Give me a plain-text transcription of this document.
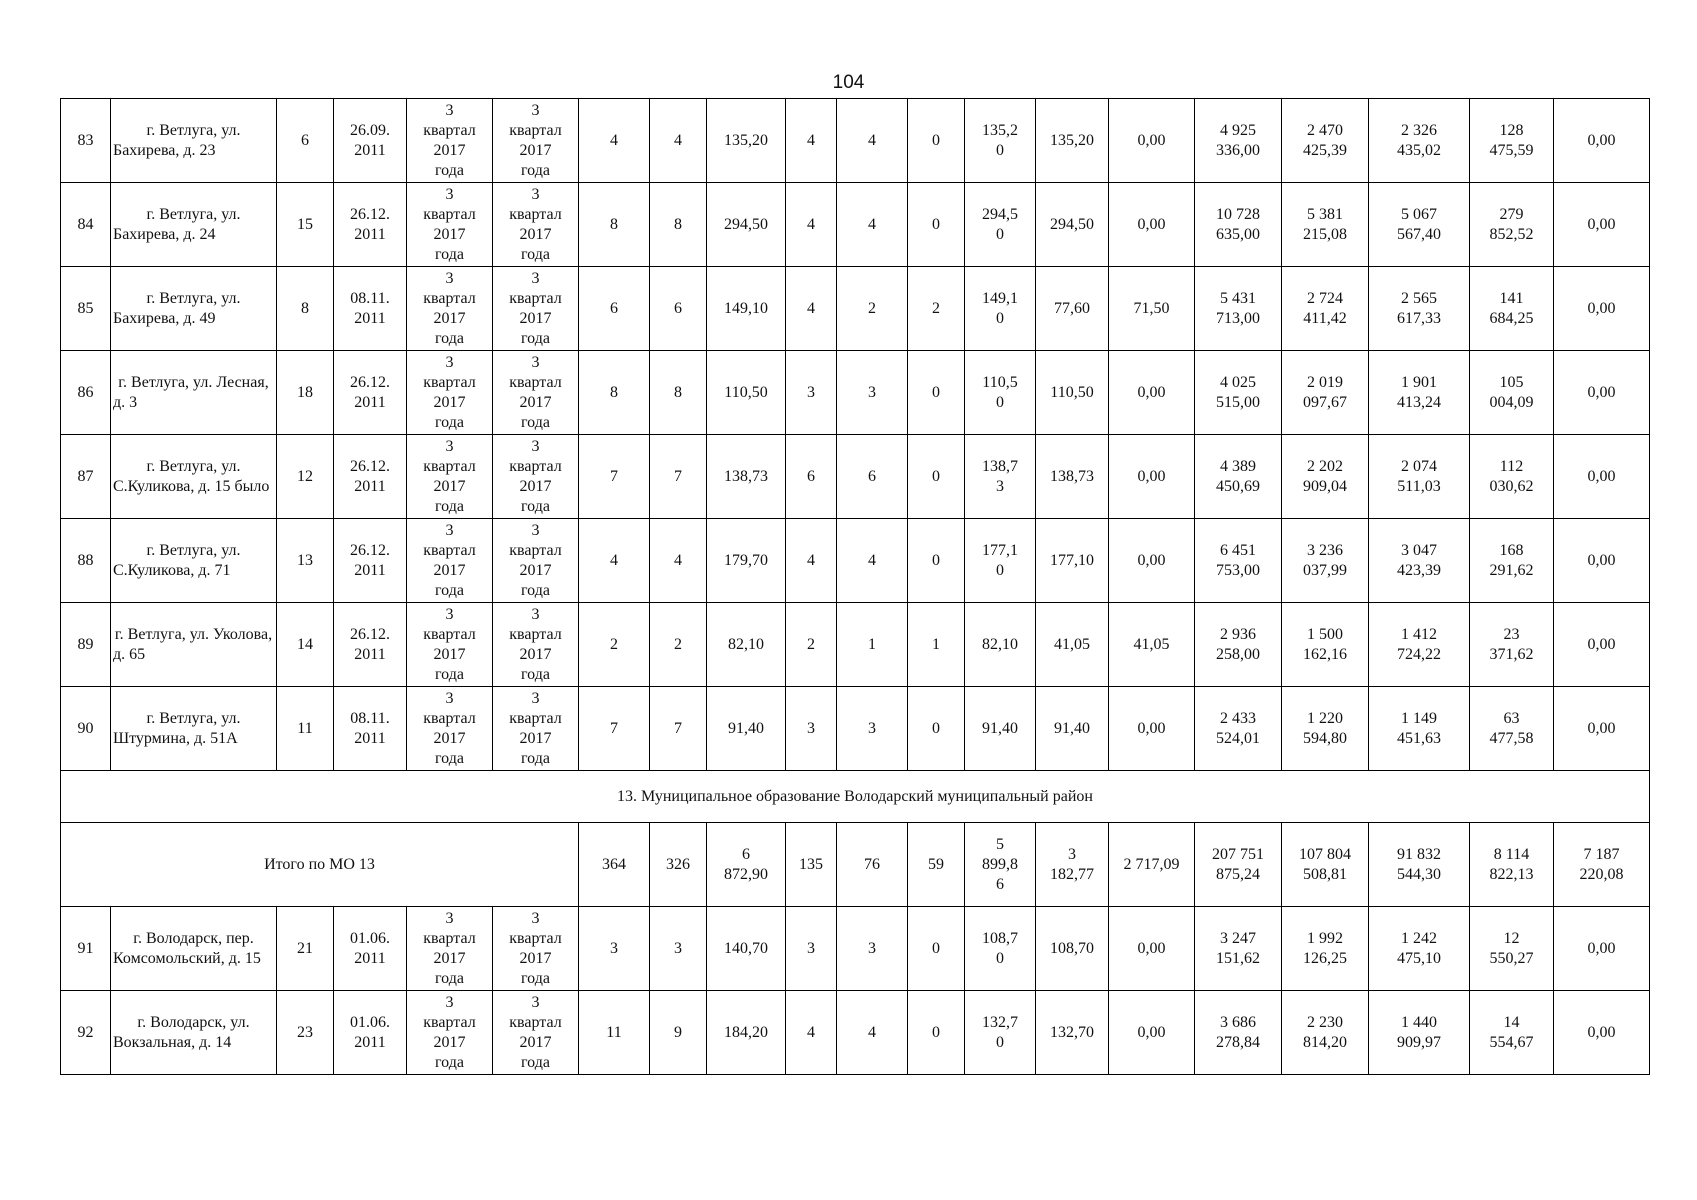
104
83	г. Ветлуга, ул. Бахирева, д. 23	6	26.09.
2011	3
квартал
2017
года	3
квартал
2017
года	4	4	135,20	4	4	0	135,2
0	135,20	0,00	4 925
336,00	2 470
425,39	2 326
435,02	128
475,59	0,00

84	г. Ветлуга, ул. Бахирева, д. 24	15	26.12.
2011	3
квартал
2017
года	3
квартал
2017
года	8	8	294,50	4	4	0	294,5
0	294,50	0,00	10 728
635,00	5 381
215,08	5 067
567,40	279
852,52	0,00

85	г. Ветлуга, ул. Бахирева, д. 49	8	08.11.
2011	3
квартал
2017
года	3
квартал
2017
года	6	6	149,10	4	2	2	149,1
0	77,60	71,50	5 431
713,00	2 724
411,42	2 565
617,33	141
684,25	0,00

86	г. Ветлуга, ул. Лесная, д. 3	18	26.12.
2011	3
квартал
2017
года	3
квартал
2017
года	8	8	110,50	3	3	0	110,5
0	110,50	0,00	4 025
515,00	2 019
097,67	1 901
413,24	105
004,09	0,00

87	г. Ветлуга, ул. С.Куликова, д. 15 было	12	26.12.
2011	3
квартал
2017
года	3
квартал
2017
года	7	7	138,73	6	6	0	138,7
3	138,73	0,00	4 389
450,69	2 202
909,04	2 074
511,03	112
030,62	0,00

88	г. Ветлуга, ул. С.Куликова, д. 71	13	26.12.
2011	3
квартал
2017
года	3
квартал
2017
года	4	4	179,70	4	4	0	177,1
0	177,10	0,00	6 451
753,00	3 236
037,99	3 047
423,39	168
291,62	0,00

89	г. Ветлуга, ул. Уколова, д. 65	14	26.12.
2011	3
квартал
2017
года	3
квартал
2017
года	2	2	82,10	2	1	1	82,10	41,05	41,05	2 936
258,00	1 500
162,16	1 412
724,22	23
371,62	0,00

90	г. Ветлуга, ул. Штурмина, д. 51А	11	08.11.
2011	3
квартал
2017
года	3
квартал
2017
года	7	7	91,40	3	3	0	91,40	91,40	0,00	2 433
524,01	1 220
594,80	1 149
451,63	63
477,58	0,00

13. Муниципальное образование Володарский муниципальный район																			
Итого по МО 13						364	326	6
872,90	135	76	59	5
899,8
6	3
182,77	2 717,09	207 751
875,24	107 804
508,81	91 832
544,30	8 114
822,13	7 187
220,08

91	г. Володарск, пер. Комсомольский, д. 15	21	01.06.
2011	3
квартал
2017
года	3
квартал
2017
года	3	3	140,70	3	3	0	108,7
0	108,70	0,00	3 247
151,62	1 992
126,25	1 242
475,10	12
550,27	0,00

92	г. Володарск, ул. Вокзальная, д. 14	23	01.06.
2011	3
квартал
2017
года	3
квартал
2017
года	11	9	184,20	4	4	0	132,7
0	132,70	0,00	3 686
278,84	2 230
814,20	1 440
909,97	14
554,67	0,00
